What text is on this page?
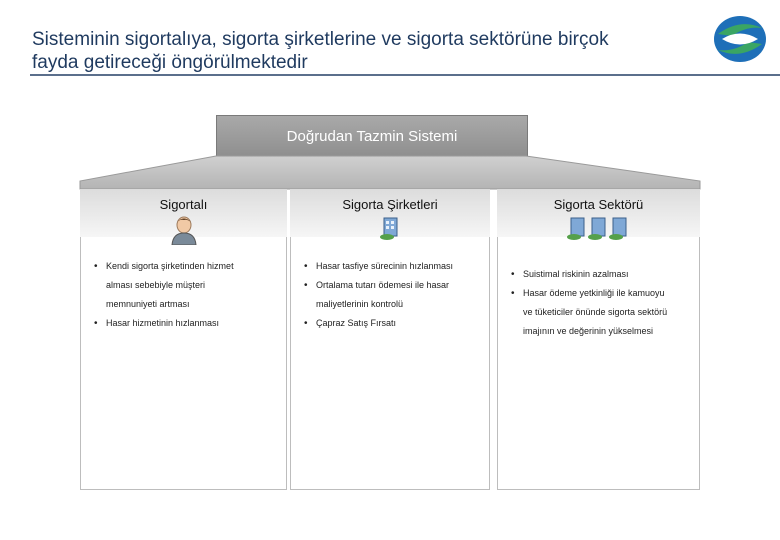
Sisteminin sigortalıya, sigorta şirketlerine ve sigorta sektörüne birçok
fayda getireceği öngörülmektedir
Doğrudan Tazmin Sistemi
Sigortalı
• Kendi sigorta şirketinden hizmet alması sebebiyle müşteri memnuniyeti artması
• Hasar hizmetinin hızlanması
Sigorta Şirketleri
• Hasar tasfiye sürecinin hızlanması
• Ortalama tutarı ödemesi ile hasar maliyetlerinin kontrolü
• Çapraz Satış Fırsatı
Sigorta Sektörü
• Suistimal riskinin azalması
• Hasar ödeme yetkinliği ile kamuoyu ve tüketiciler önünde sigorta sektörü imajının ve değerinin yükselmesi
